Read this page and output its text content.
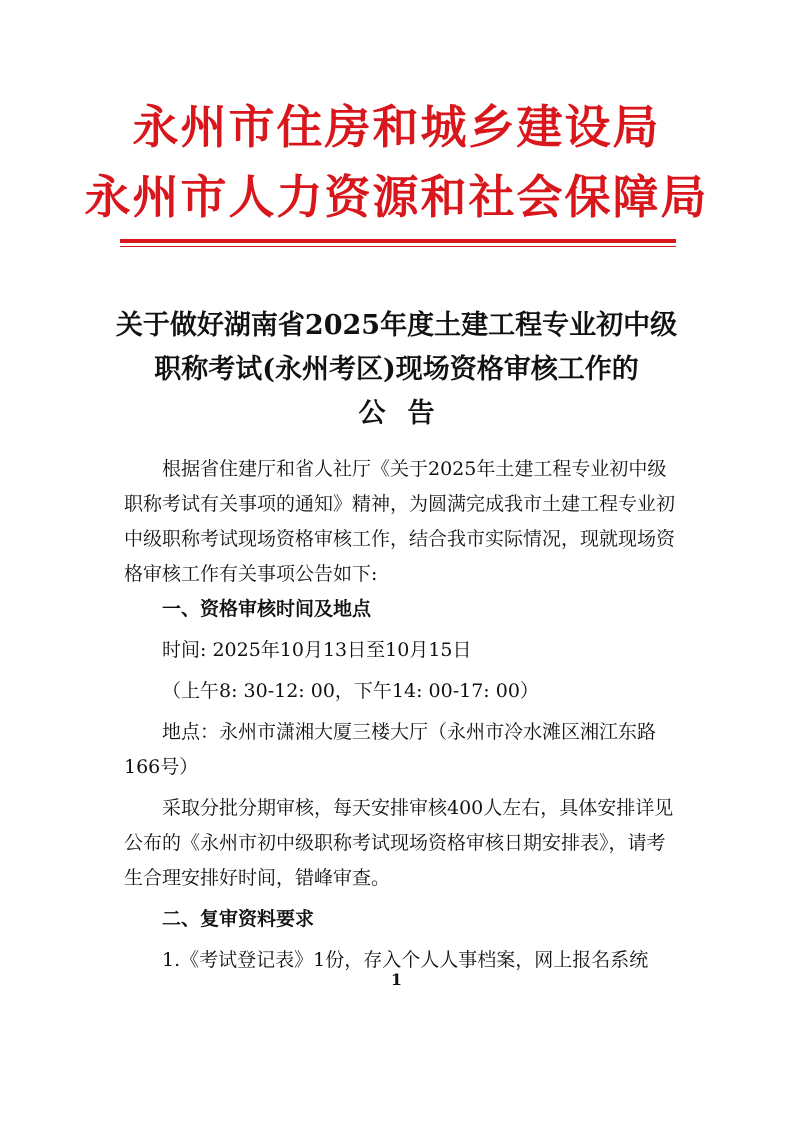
永州市住房和城乡建设局
永州市人力资源和社会保障局
关于做好湖南省2025年度土建工程专业初中级
职称考试(永州考区)现场资格审核工作的
公告

根据省住建厅和省人社厅《关于2025年土建工程专业初中级职称考试有关事项的通知》精神，为圆满完成我市土建工程专业初中级职称考试现场资格审核工作，结合我市实际情况，现就现场资格审核工作有关事项公告如下:

一、资格审核时间及地点

时间: 2025年10月13日至10月15日

（上午8: 30-12: 00，下午14: 00-17: 00）

地点：永州市潇湘大厦三楼大厅（永州市冷水滩区湘江东路166号）

采取分批分期审核，每天安排审核400人左右，具体安排详见公布的《永州市初中级职称考试现场资格审核日期安排表》，请考生合理安排好时间，错峰审查。

二、复审资料要求

1.《考试登记表》1份，存入个人人事档案，网上报名系统

1
